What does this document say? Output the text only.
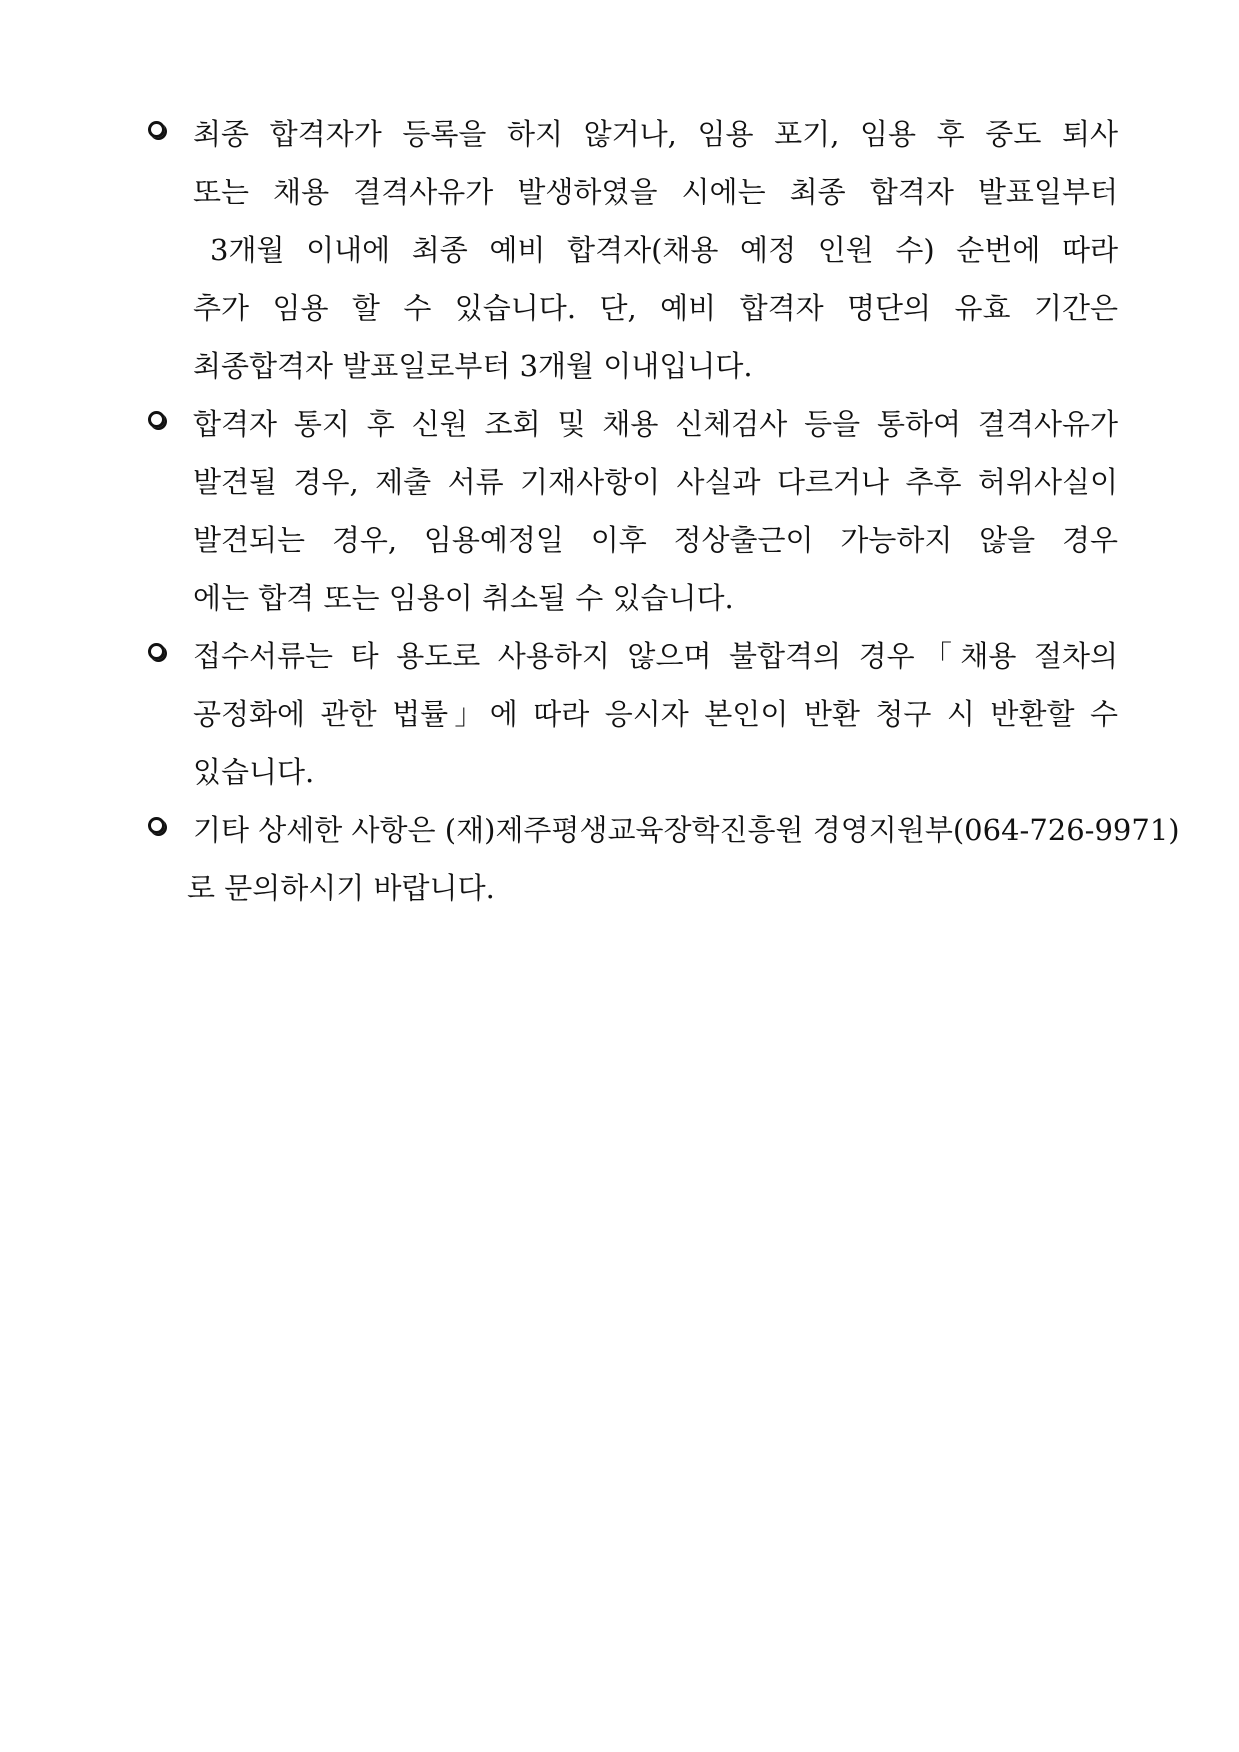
최종 합격자가 등록을 하지 않거나, 임용 포기, 임용 후 중도 퇴사
또는 채용 결격사유가 발생하였을 시에는 최종 합격자 발표일부터
3개월 이내에 최종 예비 합격자(채용 예정 인원 수) 순번에 따라
추가 임용 할 수 있습니다. 단, 예비 합격자 명단의 유효 기간은
최종합격자 발표일로부터 3개월 이내입니다.
합격자 통지 후 신원 조회 및 채용 신체검사 등을 통하여 결격사유가
발견될 경우, 제출 서류 기재사항이 사실과 다르거나 추후 허위사실이
발견되는 경우, 임용예정일 이후 정상출근이 가능하지 않을 경우
에는 합격 또는 임용이 취소될 수 있습니다.
접수서류는 타 용도로 사용하지 않으며 불합격의 경우「채용 절차의
공정화에 관한 법률」에 따라 응시자 본인이 반환 청구 시 반환할 수
있습니다.
기타 상세한 사항은 (재)제주평생교육장학진흥원 경영지원부(064-726-9971)
로 문의하시기 바랍니다.
